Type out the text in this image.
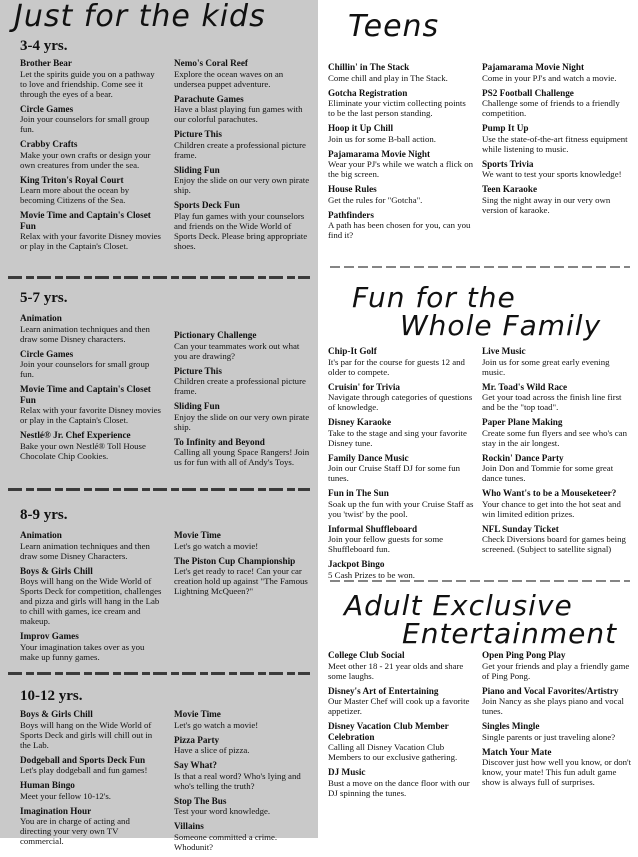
Just for the kids
3-4 yrs.
Brother Bear
Let the spirits guide you on a pathway to love and friendship. Come see it through the eyes of a bear.
Circle Games
Join your counselors for small group fun.
Crabby Crafts
Make your own crafts or design your own creatures from under the sea.
King Triton's Royal Court
Learn more about the ocean by becoming Citizens of the Sea.
Movie Time and Captain's Closet Fun
Relax with your favorite Disney movies or play in the Captain's Closet.
Nemo's Coral Reef
Explore the ocean waves on an undersea puppet adventure.
Parachute Games
Have a blast playing fun games with our colorful parachutes.
Picture This
Children create a professional picture frame.
Sliding Fun
Enjoy the slide on our very own pirate ship.
Sports Deck Fun
Play fun games with your counselors and friends on the Wide World of Sports Deck. Please bring appropriate shoes.
5-7 yrs.
Animation
Learn animation techniques and then draw some Disney characters.
Circle Games
Join your counselors for small group fun.
Movie Time and Captain's Closet Fun
Relax with your favorite Disney movies or play in the Captain's Closet.
Nestlé® Jr. Chef Experience
Bake your own Nestlé® Toll House Chocolate Chip Cookies.
Pictionary Challenge
Can your teammates work out what you are drawing?
Picture This
Children create a professional picture frame.
Sliding Fun
Enjoy the slide on our very own pirate ship.
To Infinity and Beyond
Calling all young Space Rangers! Join us for fun with all of Andy's Toys.
8-9 yrs.
Animation
Learn animation techniques and then draw some Disney Characters.
Boys & Girls Chill
Boys will hang on the Wide World of Sports Deck for competition, challenges and pizza and girls will hang in the Lab to chill with games, ice cream and makeup.
Improv Games
Your imagination takes over as you make up funny games.
Movie Time
Let's go watch a movie!
The Piston Cup Championship
Let's get ready to race! Can your car creation hold up against "The Famous Lightning McQueen?"
10-12 yrs.
Boys & Girls Chill
Boys will hang on the Wide World of Sports Deck and girls will chill out in the Lab.
Dodgeball and Sports Deck Fun
Let's play dodgeball and fun games!
Human Bingo
Meet your fellow 10-12's.
Imagination Hour
You are in charge of acting and directing your very own TV commercial.
Movie Time
Let's go watch a movie!
Pizza Party
Have a slice of pizza.
Say What?
Is that a real word? Who's lying and who's telling the truth?
Stop The Bus
Test your word knowledge.
Villains
Someone committed a crime. Whodunit?
Teens
Chillin' in The Stack
Come chill and play in The Stack.
Gotcha Registration
Eliminate your victim collecting points to be the last person standing.
Hoop it Up Chill
Join us for some B-ball action.
Pajamarama Movie Night
Wear your PJ's while we watch a flick on the big screen.
House Rules
Get the rules for "Gotcha".
Pathfinders
A path has been chosen for you, can you find it?
Pajamarama Movie Night
Come in your PJ's and watch a movie.
PS2 Football Challenge
Challenge some of friends to a friendly competition.
Pump It Up
Use the state-of-the-art fitness equipment while listening to music.
Sports Trivia
We want to test your sports knowledge!
Teen Karaoke
Sing the night away in our very own version of karaoke.
Fun for the
Whole Family
Chip-It Golf
It's par for the course for guests 12 and older to compete.
Cruisin' for Trivia
Navigate through categories of questions of knowledge.
Disney Karaoke
Take to the stage and sing your favorite Disney tune.
Family Dance Music
Join our Cruise Staff DJ for some fun tunes.
Fun in The Sun
Soak up the fun with your Cruise Staff as you 'twist' by the pool.
Informal Shuffleboard
Join your fellow guests for some Shuffleboard fun.
Jackpot Bingo
5 Cash Prizes to be won.
Live Music
Join us for some great early evening music.
Mr. Toad's Wild Race
Get your toad across the finish line first and be the "top toad".
Paper Plane Making
Create some fun flyers and see who's can stay in the air longest.
Rockin' Dance Party
Join Don and Tommie for some great dance tunes.
Who Want's to be a Mouseketeer?
Your chance to get into the hot seat and win limited edition prizes.
NFL Sunday Ticket
Check Diversions board for games being screened. (Subject to satellite signal)
Adult Exclusive
Entertainment
College Club Social
Meet other 18 - 21 year olds and share some laughs.
Disney's Art of Entertaining
Our Master Chef will cook up a favorite appetizer.
Disney Vacation Club Member Celebration
Calling all Disney Vacation Club Members to our exclusive gathering.
DJ Music
Bust a move on the dance floor with our DJ spinning the tunes.
Open Ping Pong Play
Get your friends and play a friendly game of Ping Pong.
Piano and Vocal Favorites/Artistry
Join Nancy as she plays piano and vocal tunes.
Singles Mingle
Single parents or just traveling alone?
Match Your Mate
Discover just how well you know, or don't know, your mate! This fun adult game show is always full of surprises.
